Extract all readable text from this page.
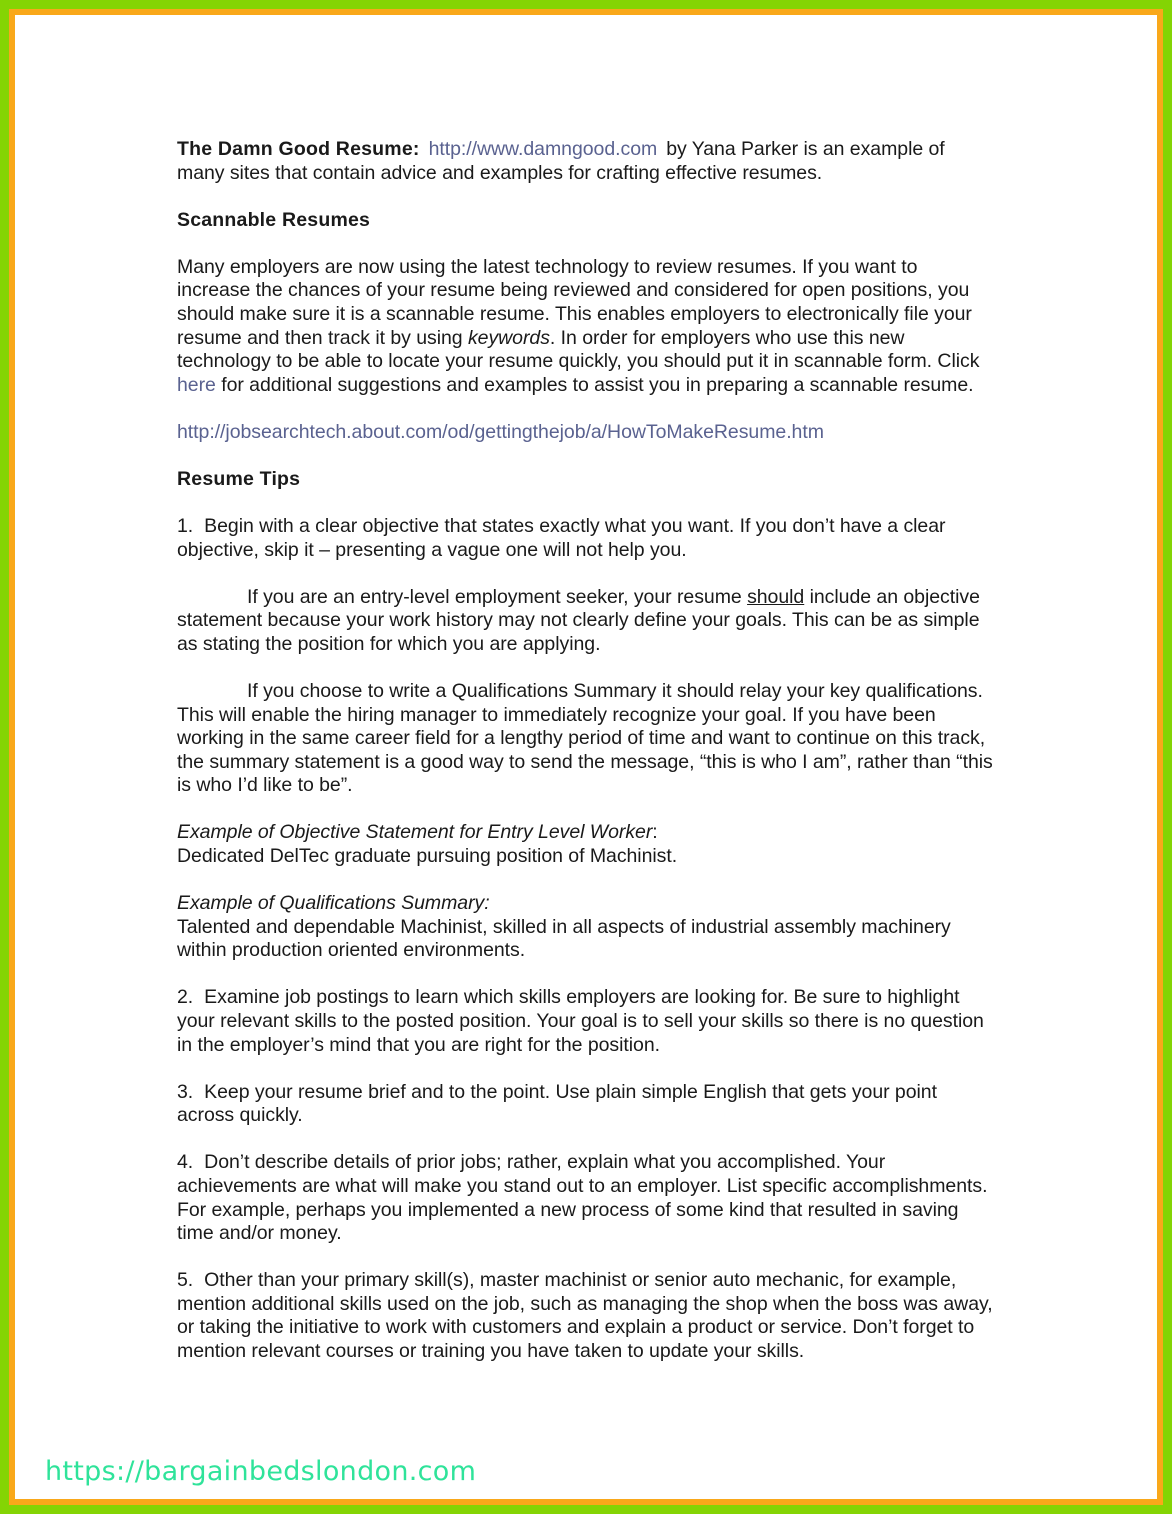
The Damn Good Resume: http://www.damngood.com by Yana Parker is an example of many sites that contain advice and examples for crafting effective resumes.

Scannable Resumes

Many employers are now using the latest technology to review resumes. If you want to increase the chances of your resume being reviewed and considered for open positions, you should make sure it is a scannable resume. This enables employers to electronically file your resume and then track it by using keywords. In order for employers who use this new technology to be able to locate your resume quickly, you should put it in scannable form. Click here for additional suggestions and examples to assist you in preparing a scannable resume.

http://jobsearchtech.about.com/od/gettingthejob/a/HowToMakeResume.htm

Resume Tips

1. Begin with a clear objective that states exactly what you want. If you don’t have a clear objective, skip it – presenting a vague one will not help you.

If you are an entry-level employment seeker, your resume should include an objective statement because your work history may not clearly define your goals. This can be as simple as stating the position for which you are applying.

If you choose to write a Qualifications Summary it should relay your key qualifications. This will enable the hiring manager to immediately recognize your goal. If you have been working in the same career field for a lengthy period of time and want to continue on this track, the summary statement is a good way to send the message, “this is who I am”, rather than “this is who I’d like to be”.

Example of Objective Statement for Entry Level Worker:

Dedicated DelTec graduate pursuing position of Machinist.

Example of Qualifications Summary:

Talented and dependable Machinist, skilled in all aspects of industrial assembly machinery within production oriented environments.

2. Examine job postings to learn which skills employers are looking for. Be sure to highlight your relevant skills to the posted position. Your goal is to sell your skills so there is no question in the employer’s mind that you are right for the position.

3. Keep your resume brief and to the point. Use plain simple English that gets your point across quickly.

4. Don’t describe details of prior jobs; rather, explain what you accomplished. Your achievements are what will make you stand out to an employer. List specific accomplishments. For example, perhaps you implemented a new process of some kind that resulted in saving time and/or money.

5. Other than your primary skill(s), master machinist or senior auto mechanic, for example, mention additional skills used on the job, such as managing the shop when the boss was away, or taking the initiative to work with customers and explain a product or service. Don’t forget to mention relevant courses or training you have taken to update your skills.

https://bargainbedslondon.com
